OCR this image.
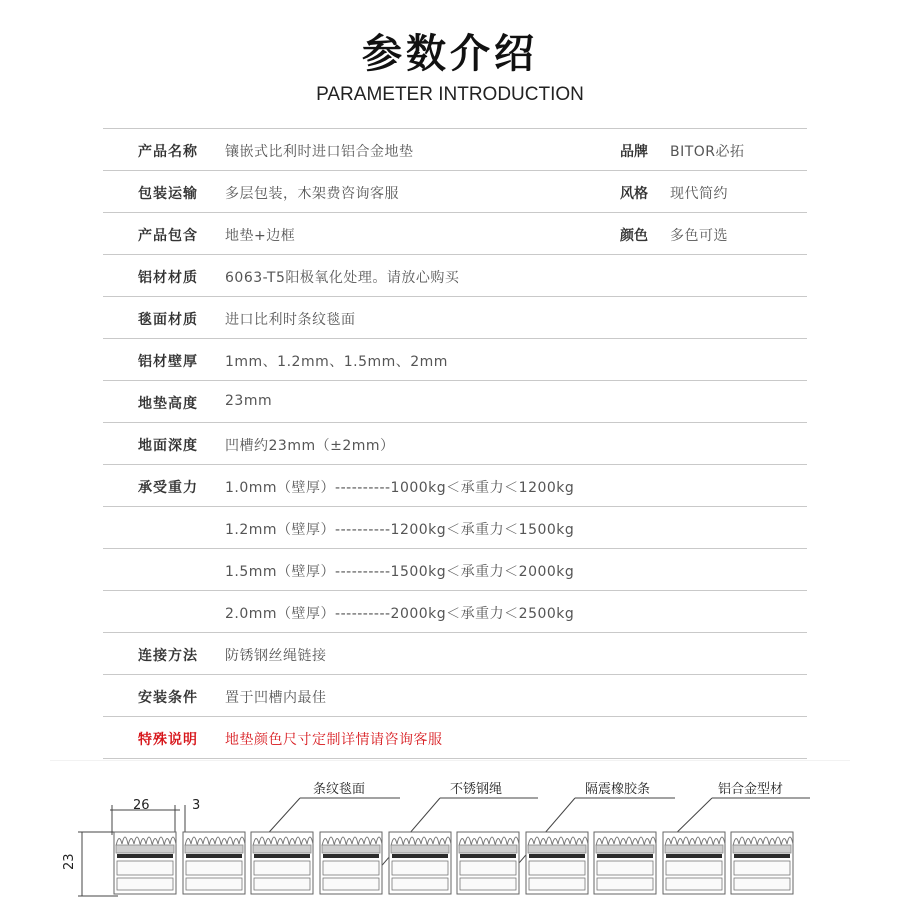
参数介绍
PARAMETER INTRODUCTION
产品名称 镶嵌式比利时进口铝合金地垫	品牌 BITOR必拓
包装运输 多层包装，木架费咨询客服	风格 现代简约
产品包含 地垫+边框	颜色 多色可选
铝材材质 6063-T5阳极氧化处理。请放心购买
毯面材质 进口比利时条纹毯面
铝材壁厚 1mm、1.2mm、1.5mm、2mm
地垫高度 23mm
地面深度 凹槽约23mm（±2mm）
承受重力 1.0mm（壁厚）----------1000kg＜承重力＜1200kg
1.2mm（壁厚）----------1200kg＜承重力＜1500kg
1.5mm（壁厚）----------1500kg＜承重力＜2000kg
2.0mm（壁厚）----------2000kg＜承重力＜2500kg
连接方法 防锈钢丝绳链接
安装条件 置于凹槽内最佳
特殊说明 地垫颜色尺寸定制详情请咨询客服
26	3
23
条纹毯面	不锈钢绳	隔震橡胶条	铝合金型材
